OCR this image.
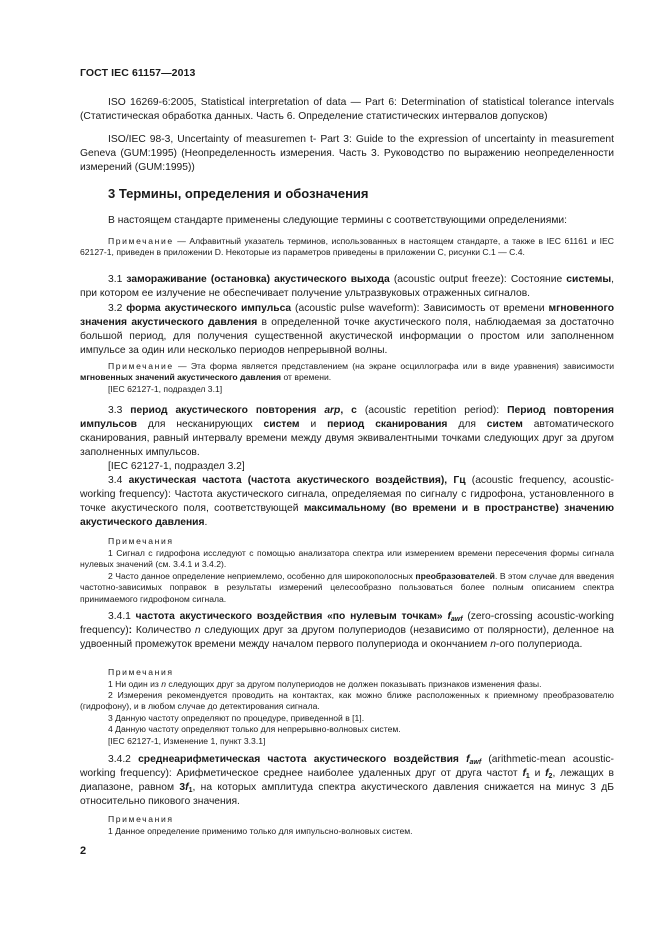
ГОСТ IEC 61157—2013

ISO 16269-6:2005, Statistical interpretation of data — Part 6: Determination of statistical tolerance intervals (Статистическая обработка данных. Часть 6. Определение статистических интервалов допусков)

ISO/IEC 98-3, Uncertainty of measuremen t- Part 3: Guide to the expression of uncertainty in measurement Geneva (GUM:1995) (Неопределенность измерения. Часть 3. Руководство по выражению неопределенности измерений (GUM:1995))

3 Термины, определения и обозначения

В настоящем стандарте применены следующие термины с соответствующими определениями:

Примечание — Алфавитный указатель терминов, использованных в настоящем стандарте, а также в IEC 61161 и IEC 62127-1, приведен в приложении D. Некоторые из параметров приведены в приложении С, рисунки С.1 — С.4.

3.1 замораживание (остановка) акустического выхода (acoustic output freeze): Состояние системы, при котором ее излучение не обеспечивает получение ультразвуковых отраженных сигналов.

3.2 форма акустического импульса (acoustic pulse waveform): Зависимость от времени мгновенного значения акустического давления в определенной точке акустического поля, наблюдаемая за достаточно большой период, для получения существенной акустической информации о простом или заполненном импульсе за один или несколько периодов непрерывной волны.

Примечание — Эта форма является представлением (на экране осциллографа или в виде уравнения) зависимости мгновенных значений акустического давления от времени.

[IEC 62127-1, подраздел 3.1]

3.3 период акустического повторения arp, с (acoustic repetition period): Период повторения импульсов для несканирующих систем и период сканирования для систем автоматического сканирования, равный интервалу времени между двумя эквивалентными точками следующих друг за другом заполненных импульсов.

[IEC 62127-1, подраздел 3.2]

3.4 акустическая частота (частота акустического воздействия), Гц (acoustic frequency, acoustic-working frequency): Частота акустического сигнала, определяемая по сигналу с гидрофона, установленного в точке акустического поля, соответствующей максимальному (во времени и в пространстве) значению акустического давления.

Примечания

1 Сигнал с гидрофона исследуют с помощью анализатора спектра или измерением времени пересечения формы сигнала нулевых значений (см. 3.4.1 и 3.4.2).

2 Часто данное определение неприемлемо, особенно для широкополосных преобразователей. В этом случае для введения частотно-зависимых поправок в результаты измерений целесообразно пользоваться более полным описанием спектра принимаемого гидрофоном сигнала.

3.4.1 частота акустического воздействия «по нулевым точкам» $f_{awf}$ (zero-crossing acoustic-working frequency): Количество n следующих друг за другом полупериодов (независимо от полярности), деленное на удвоенный промежуток времени между началом первого полупериода и окончанием n-ого полупериода.

Примечания

1 Ни один из n следующих друг за другом полупериодов не должен показывать признаков изменения фазы.

2 Измерения рекомендуется проводить на контактах, как можно ближе расположенных к приемному преобразователю (гидрофону), и в любом случае до детектирования сигнала.

3 Данную частоту определяют по процедуре, приведенной в [1].

4 Данную частоту определяют только для непрерывно-волновых систем.

[IEC 62127-1, Изменение 1, пункт 3.3.1]

3.4.2 среднеарифметическая частота акустического воздействия $f_{awf}$ (arithmetic-mean acoustic-working frequency): Арифметическое среднее наиболее удаленных друг от друга частот $f_1$ и $f_2$, лежащих в диапазоне, равном $3f_1$, на которых амплитуда спектра акустического давления снижается на минус 3 дБ относительно пикового значения.

Примечания

1 Данное определение применимо только для импульсно-волновых систем.

2
